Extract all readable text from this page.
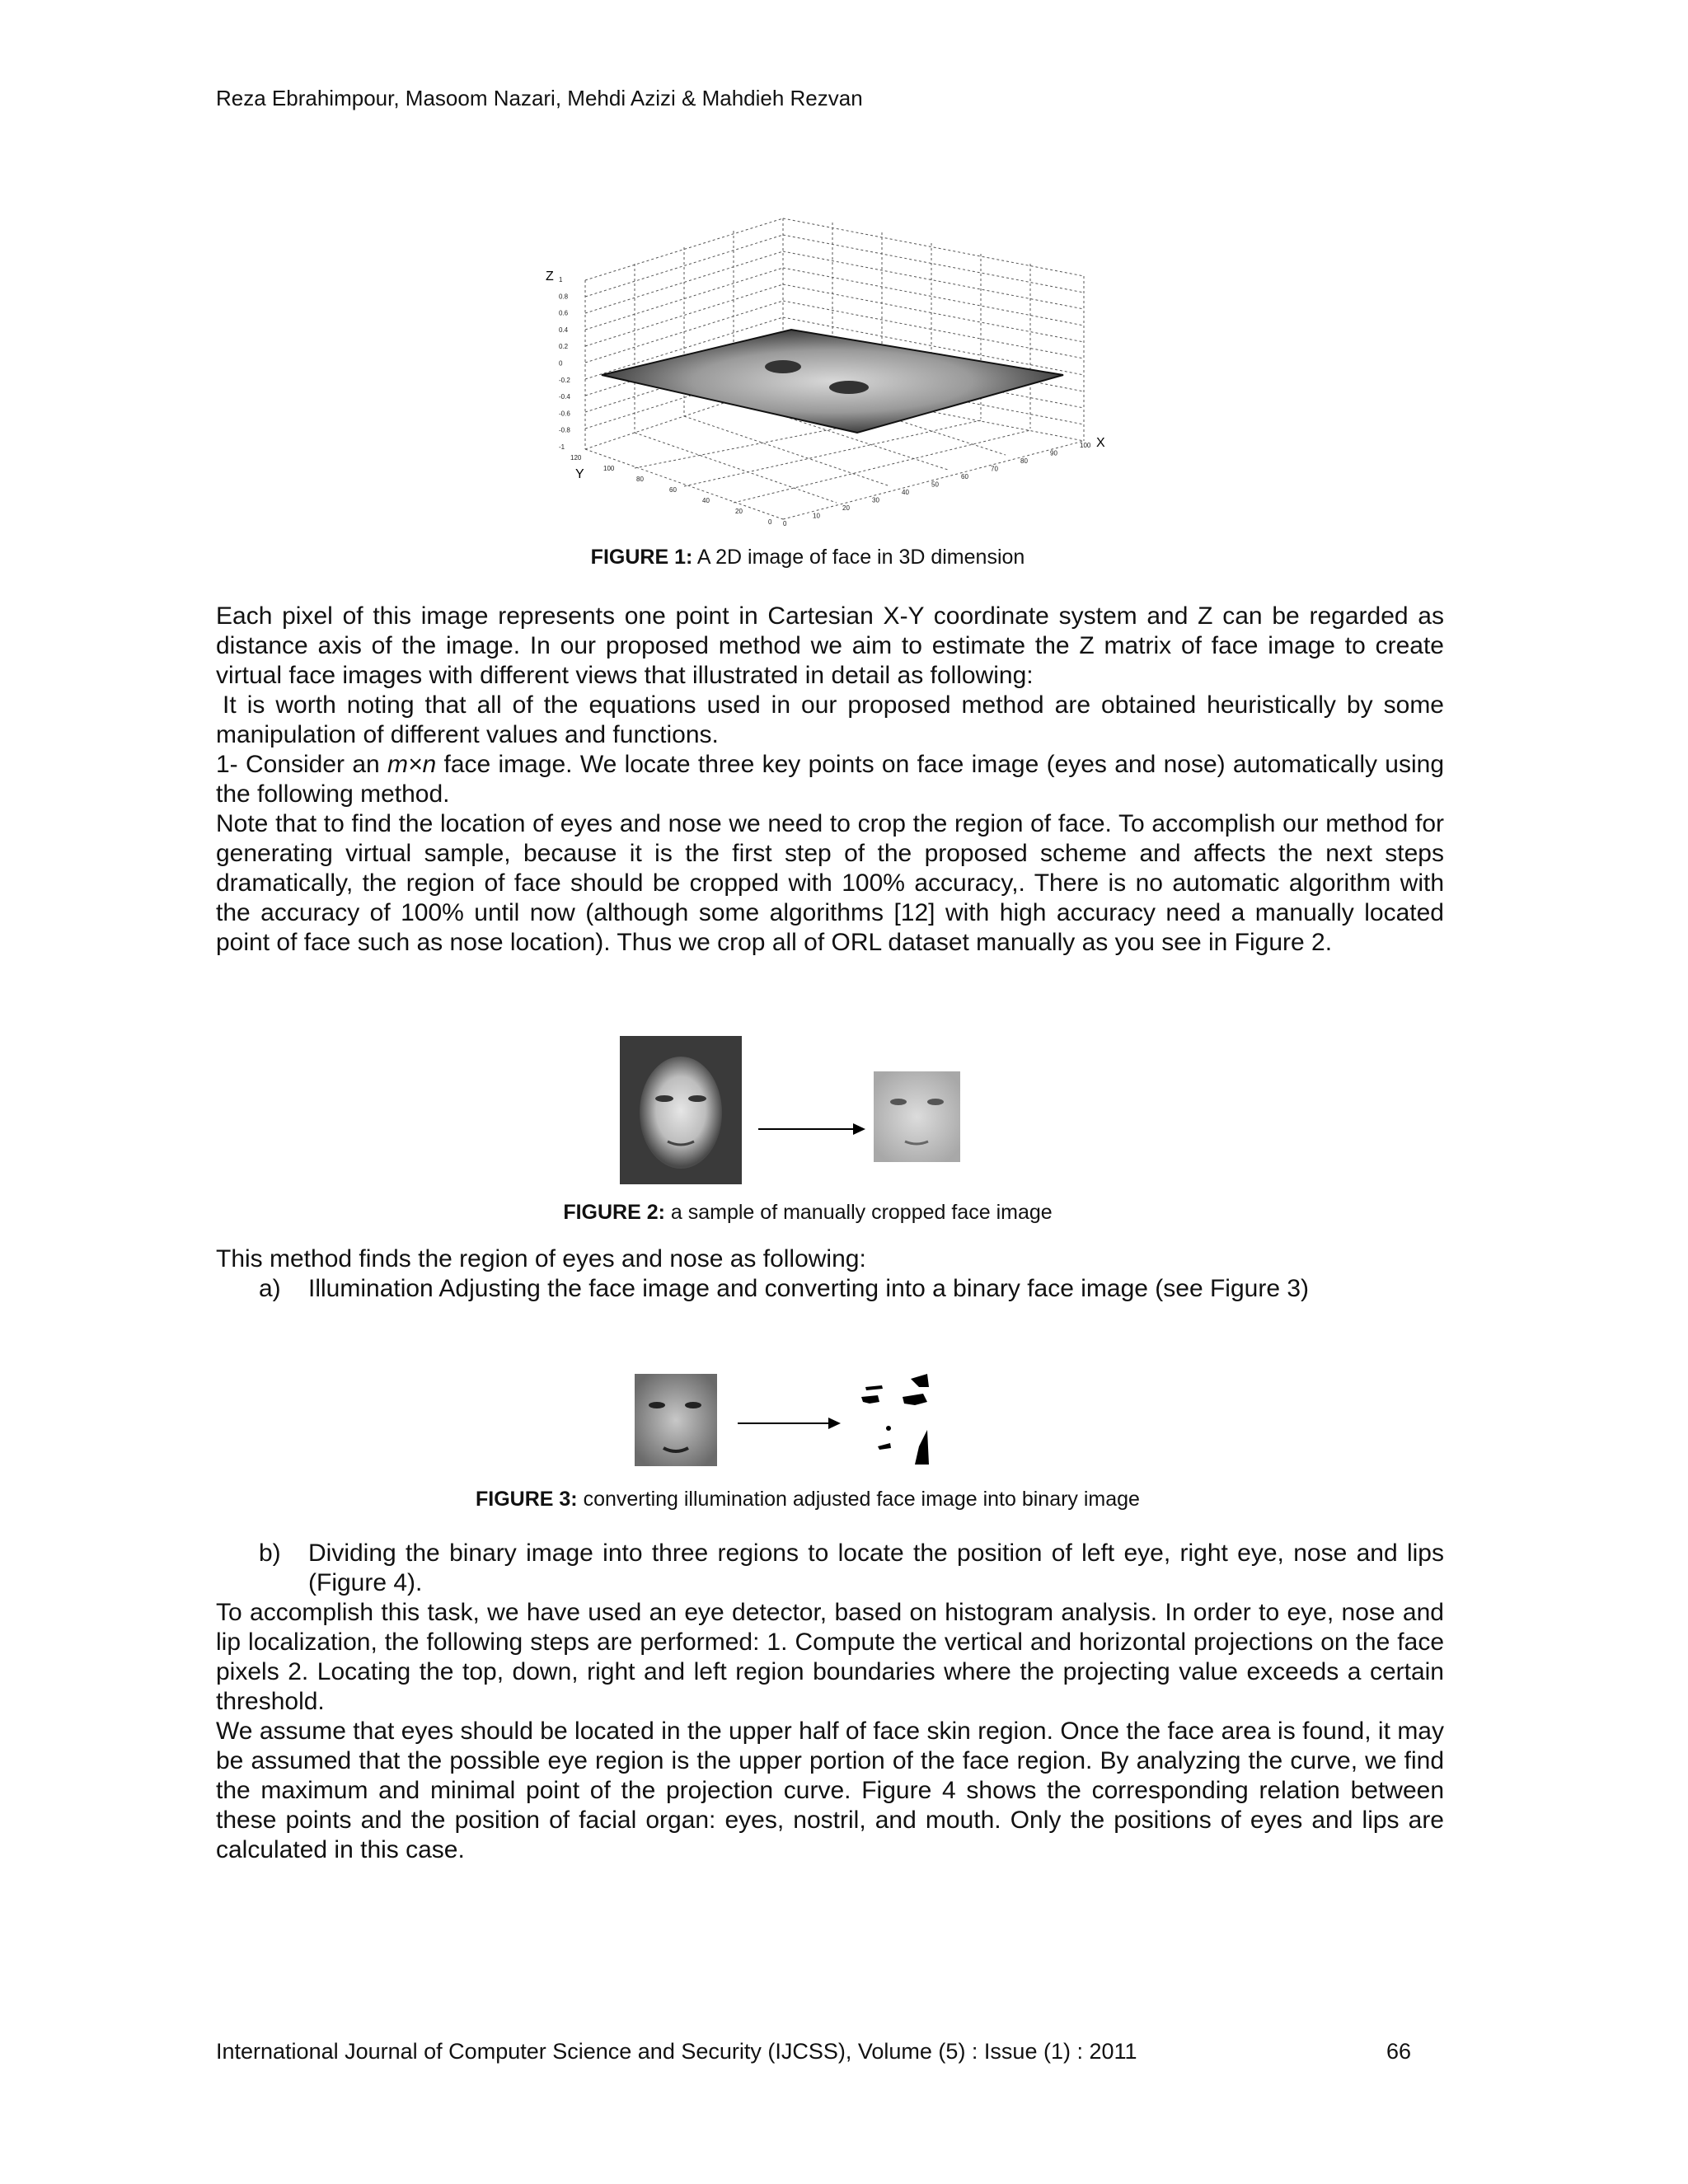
Reza Ebrahimpour, Masoom Nazari, Mehdi Azizi & Mahdieh Rezvan
Z
X
Y
1
0.8
0.6
0.4
0.2
0
-0.2
-0.4
-0.6
-0.8
-1
120
100
80
60
40
20
0 0
10
20
30
40
50
60
70
80
90
100
FIGURE 1: A 2D image of face in 3D dimension

Each pixel of this image represents one point in Cartesian X-Y coordinate system and Z can be regarded as distance axis of the image. In our proposed method we aim to estimate the Z matrix of face image to create virtual face images with different views that illustrated in detail as following:

It is worth noting that all of the equations used in our proposed method are obtained heuristically by some manipulation of different values and functions.

1- Consider an m×n face image. We locate three key points on face image (eyes and nose) automatically using the following method.

Note that to find the location of eyes and nose we need to crop the region of face. To accomplish our method for generating virtual sample, because it is the first step of the proposed scheme and affects the next steps dramatically, the region of face should be cropped with 100% accuracy,. There is no automatic algorithm with the accuracy of 100% until now (although some algorithms [12] with high accuracy need a manually located point of face such as nose location). Thus we crop all of ORL dataset manually as you see in Figure 2.

FIGURE 2: a sample of manually cropped face image

This method finds the region of eyes and nose as following:

a)	Illumination Adjusting the face image and converting into a binary face image (see Figure 3)
FIGURE 3: converting illumination adjusted face image into binary image
b)	Dividing the binary image into three regions to locate the position of left eye, right eye, nose and lips (Figure 4).

To accomplish this task, we have used an eye detector, based on histogram analysis. In order to eye, nose and lip localization, the following steps are performed: 1. Compute the vertical and horizontal projections on the face pixels 2. Locating the top, down, right and left region boundaries where the projecting value exceeds a certain threshold.

We assume that eyes should be located in the upper half of face skin region. Once the face area is found, it may be assumed that the possible eye region is the upper portion of the face region. By analyzing the curve, we find the maximum and minimal point of the projection curve. Figure 4 shows the corresponding relation between these points and the position of facial organ: eyes, nostril, and mouth. Only the positions of eyes and lips are calculated in this case.

International Journal of Computer Science and Security (IJCSS), Volume (5) : Issue (1) : 2011	66
